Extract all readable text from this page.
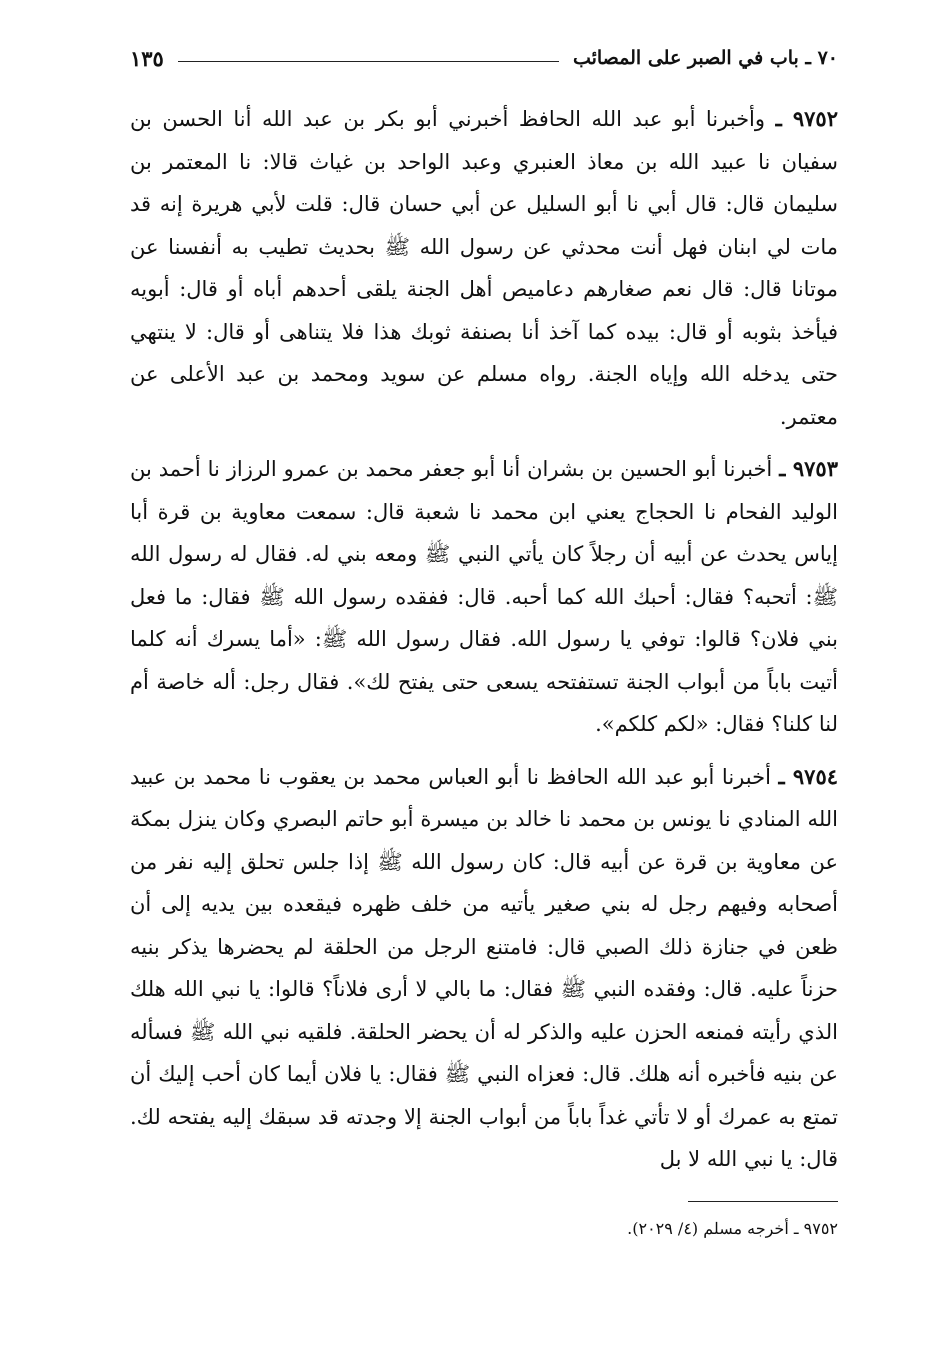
٧٠ ـ باب في الصبر على المصائب
١٣٥

٩٧٥٢ ـ وأخبرنا أبو عبد الله الحافظ أخبرني أبو بكر بن عبد الله أنا الحسن بن سفيان نا عبيد الله بن معاذ العنبري وعبد الواحد بن غياث قالا: نا المعتمر بن سليمان قال: قال أبي نا أبو السليل عن أبي حسان قال: قلت لأبي هريرة إنه قد مات لي ابنان فهل أنت محدثي عن رسول الله ﷺ بحديث تطيب به أنفسنا عن موتانا قال: قال نعم صغارهم دعاميص أهل الجنة يلقى أحدهم أباه أو قال: أبويه فيأخذ بثوبه أو قال: بيده كما آخذ أنا بصنفة ثوبك هذا فلا يتناهى أو قال: لا ينتهي حتى يدخله الله وإياه الجنة. رواه مسلم عن سويد ومحمد بن عبد الأعلى عن معتمر.

٩٧٥٣ ـ أخبرنا أبو الحسين بن بشران أنا أبو جعفر محمد بن عمرو الرزاز نا أحمد بن الوليد الفحام نا الحجاج يعني ابن محمد نا شعبة قال: سمعت معاوية بن قرة أبا إياس يحدث عن أبيه أن رجلاً كان يأتي النبي ﷺ ومعه بني له. فقال له رسول الله ﷺ: أتحبه؟ فقال: أحبك الله كما أحبه. قال: ففقده رسول الله ﷺ فقال: ما فعل بني فلان؟ قالوا: توفي يا رسول الله. فقال رسول الله ﷺ: «أما يسرك أنه كلما أتيت باباً من أبواب الجنة تستفتحه يسعى حتى يفتح لك». فقال رجل: أله خاصة أم لنا كلنا؟ فقال: «لكم كلكم».

٩٧٥٤ ـ أخبرنا أبو عبد الله الحافظ نا أبو العباس محمد بن يعقوب نا محمد بن عبيد الله المنادي نا يونس بن محمد نا خالد بن ميسرة أبو حاتم البصري وكان ينزل بمكة عن معاوية بن قرة عن أبيه قال: كان رسول الله ﷺ إذا جلس تحلق إليه نفر من أصحابه وفيهم رجل له بني صغير يأتيه من خلف ظهره فيقعده بين يديه إلى أن ظعن في جنازة ذلك الصبي قال: فامتنع الرجل من الحلقة لم يحضرها يذكر بنيه حزناً عليه. قال: وفقده النبي ﷺ فقال: ما بالي لا أرى فلاناً؟ قالوا: يا نبي الله هلك الذي رأيته فمنعه الحزن عليه والذكر له أن يحضر الحلقة. فلقيه نبي الله ﷺ فسأله عن بنيه فأخبره أنه هلك. قال: فعزاه النبي ﷺ فقال: يا فلان أيما كان أحب إليك أن تمتع به عمرك أو لا تأتي غداً باباً من أبواب الجنة إلا وجدته قد سبقك إليه يفتحه لك. قال: يا نبي الله لا بل

٩٧٥٢ ـ أخرجه مسلم (٤/ ٢٠٢٩).
